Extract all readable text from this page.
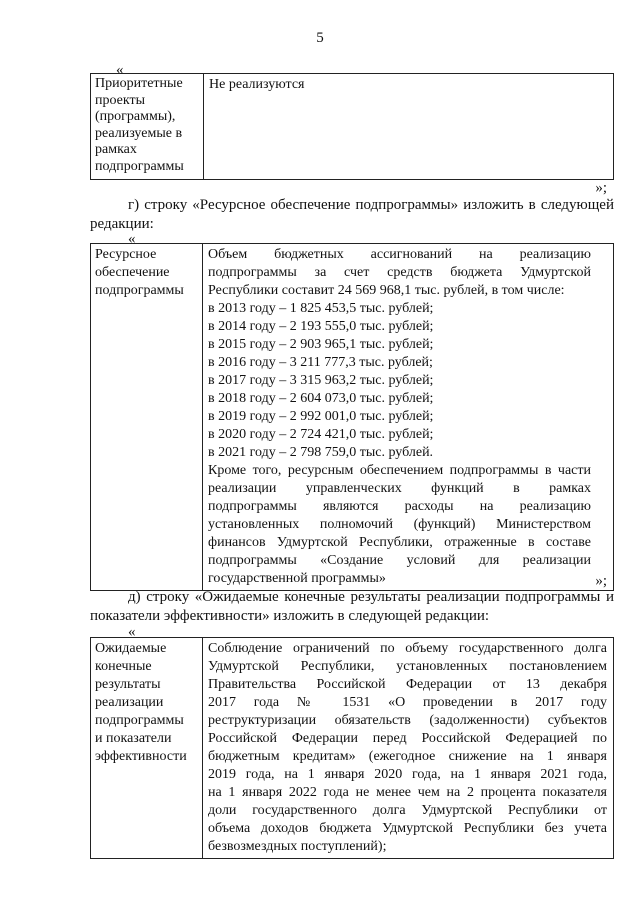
5
«
Приоритетные
проекты
(программы),
реализуемые в
рамках
подпрограммы

Не реализуются
»;
г) строку «Ресурсное обеспечение подпрограммы» изложить в следующей редакции:
«
Ресурсное
обеспечение
подпрограммы

Объем бюджетных ассигнований на реализацию
подпрограммы за счет средств бюджета Удмуртской
Республики составит 24 569 968,1 тыс. рублей, в том числе:
в 2013 году – 1 825 453,5 тыс. рублей;
в 2014 году – 2 193 555,0 тыс. рублей;
в 2015 году – 2 903 965,1 тыс. рублей;
в 2016 году – 3 211 777,3 тыс. рублей;
в 2017 году – 3 315 963,2 тыс. рублей;
в 2018 году – 2 604 073,0 тыс. рублей;
в 2019 году – 2 992 001,0 тыс. рублей;
в 2020 году – 2 724 421,0 тыс. рублей;
в 2021 году – 2 798 759,0 тыс. рублей.
Кроме того, ресурсным обеспечением подпрограммы в части
реализации управленческих функций в рамках
подпрограммы являются расходы на реализацию
установленных полномочий (функций) Министерством
финансов Удмуртской Республики, отраженные в составе
подпрограммы «Создание условий для реализации
государственной программы»	»;
д) строку «Ожидаемые конечные результаты реализации подпрограммы и показатели эффективности» изложить в следующей редакции:
«
Ожидаемые
конечные
результаты
реализации
подпрограммы
и показатели
эффективности

Соблюдение ограничений по объему государственного долга
Удмуртской Республики, установленных постановлением
Правительства Российской Федерации от 13 декабря
2017 года № 1531 «О проведении в 2017 году
реструктуризации обязательств (задолженности) субъектов
Российской Федерации перед Российской Федерацией по
бюджетным кредитам» (ежегодное снижение на 1 января
2019 года, на 1 января 2020 года, на 1 января 2021 года,
на 1 января 2022 года не менее чем на 2 процента показателя
доли государственного долга Удмуртской Республики от
объема доходов бюджета Удмуртской Республики без учета
безвозмездных поступлений);
